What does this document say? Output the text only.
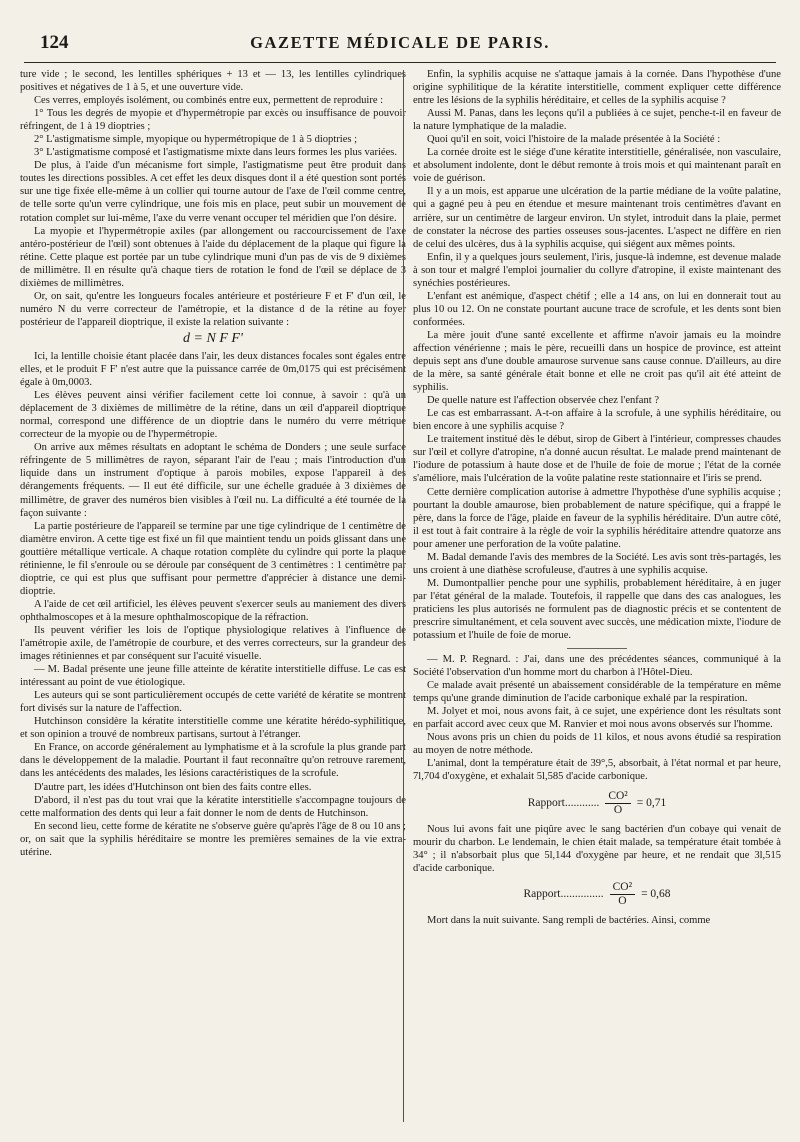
124	GAZETTE MÉDICALE DE PARIS.

ture vide ; le second, les lentilles sphériques + 13 et — 13, les lentilles cylindriques positives et négatives de 1 à 5, et une ouverture vide.

Ces verres, employés isolément, ou combinés entre eux, permettent de reproduire :

1° Tous les degrés de myopie et d'hypermétropie par excès ou insuffisance de pouvoir réfringent, de 1 à 19 dioptries ;

2° L'astigmatisme simple, myopique ou hypermétropique de 1 à 5 dioptries ;

3° L'astigmatisme composé et l'astigmatisme mixte dans leurs formes les plus variées.

De plus, à l'aide d'un mécanisme fort simple, l'astigmatisme peut être produit dans toutes les directions possibles. A cet effet les deux disques dont il a été question sont portés sur une tige fixée elle-même à un collier qui tourne autour de l'axe de l'œil comme centre, de telle sorte qu'un verre cylindrique, une fois mis en place, peut subir un mouvement de rotation complet sur lui-même, l'axe du verre venant occuper tel méridien que l'on désire.

La myopie et l'hypermétropie axiles (par allongement ou raccourcissement de l'axe antéro-postérieur de l'œil) sont obtenues à l'aide du déplacement de la plaque qui figure la rétine. Cette plaque est portée par un tube cylindrique muni d'un pas de vis de 9 dixièmes de millimètre. Il en résulte qu'à chaque tiers de rotation le fond de l'œil se déplace de 3 dixièmes de millimètres.

Or, on sait, qu'entre les longueurs focales antérieure et postérieure F et F' d'un œil, le numéro N du verre correcteur de l'amétropie, et la distance d de la rétine au foyer postérieur de l'appareil dioptrique, il existe la relation suivante :

d = N F F'

Ici, la lentille choisie étant placée dans l'air, les deux distances focales sont égales entre elles, et le produit F F' n'est autre que la puissance carrée de 0m,0175 qui est précisément égale à 0m,0003.

Les élèves peuvent ainsi vérifier facilement cette loi connue, à savoir : qu'à un déplacement de 3 dixièmes de millimètre de la rétine, dans un œil d'appareil dioptrique normal, correspond une différence de un dioptrie dans le numéro du verre métrique correcteur de la myopie ou de l'hypermétropie.

On arrive aux mêmes résultats en adoptant le schéma de Donders ; une seule surface réfringente de 5 millimètres de rayon, séparant l'air de l'eau ; mais l'introduction d'un liquide dans un instrument d'optique à parois mobiles, expose l'appareil à des dérangements fréquents. — Il eut été difficile, sur une échelle graduée à 3 dixièmes de millimètre, de graver des numéros bien visibles à l'œil nu. La difficulté a été tournée de la façon suivante :

La partie postérieure de l'appareil se termine par une tige cylindrique de 1 centimètre de diamètre environ. A cette tige est fixé un fil que maintient tendu un poids glissant dans une gouttière métallique verticale. A chaque rotation complète du cylindre qui porte la plaque rétinienne, le fil s'enroule ou se déroule par conséquent de 3 centimètres : 1 centimètre par dioptrie, ce qui est plus que suffisant pour permettre d'apprécier à distance une demi-dioptrie.

A l'aide de cet œil artificiel, les élèves peuvent s'exercer seuls au maniement des divers ophthalmoscopes et à la mesure ophthalmoscopique de la réfraction.

Ils peuvent vérifier les lois de l'optique physiologique relatives à l'influence de l'amétropie axile, de l'amétropie de courbure, et des verres correcteurs, sur la grandeur des images rétiniennes et par conséquent sur l'acuité visuelle.

— M. Badal présente une jeune fille atteinte de kératite interstitielle diffuse. Le cas est intéressant au point de vue étiologique.

Les auteurs qui se sont particulièrement occupés de cette variété de kératite se montrent fort divisés sur la nature de l'affection.

Hutchinson considère la kératite interstitielle comme une kératite hérédo-syphilitique, et son opinion a trouvé de nombreux partisans, surtout à l'étranger.

En France, on accorde généralement au lymphatisme et à la scrofule la plus grande part dans le développement de la maladie. Pourtant il faut reconnaître qu'on retrouve rarement, dans les antécédents des malades, les lésions caractéristiques de la scrofule.

D'autre part, les idées d'Hutchinson ont bien des faits contre elles.

D'abord, il n'est pas du tout vrai que la kératite interstitielle s'accompagne toujours de cette malformation des dents qui leur a fait donner le nom de dents de Hutchinson.

En second lieu, cette forme de kératite ne s'observe guère qu'après l'âge de 8 ou 10 ans ; or, on sait que la syphilis héréditaire se montre les premières semaines de la vie extra-utérine.

Enfin, la syphilis acquise ne s'attaque jamais à la cornée. Dans l'hypothèse d'une origine syphilitique de la kératite interstitielle, comment expliquer cette différence entre les lésions de la syphilis héréditaire, et celles de la syphilis acquise ?

Aussi M. Panas, dans les leçons qu'il a publiées à ce sujet, penche-t-il en faveur de la nature lymphatique de la maladie.

Quoi qu'il en soit, voici l'histoire de la malade présentée à la Société :

La cornée droite est le siége d'une kératite interstitielle, généralisée, non vasculaire, et absolument indolente, dont le début remonte à trois mois et qui maintenant paraît en voie de guérison.

Il y a un mois, est apparue une ulcération de la partie médiane de la voûte palatine, qui a gagné peu à peu en étendue et mesure maintenant trois centimètres d'avant en arrière, sur un centimètre de largeur environ. Un stylet, introduit dans la plaie, permet de constater la nécrose des parties osseuses sous-jacentes. L'aspect ne diffère en rien de celui des ulcères, dus à la syphilis acquise, qui siégent aux mêmes points.

Enfin, il y a quelques jours seulement, l'iris, jusque-là indemne, est devenue malade à son tour et malgré l'emploi journalier du collyre d'atropine, il existe maintenant des synéchies postérieures.

L'enfant est anémique, d'aspect chétif ; elle a 14 ans, on lui en donnerait tout au plus 10 ou 12. On ne constate pourtant aucune trace de scrofule, et les dents sont bien conformées.

La mère jouit d'une santé excellente et affirme n'avoir jamais eu la moindre affection vénérienne ; mais le père, recueilli dans un hospice de province, est atteint depuis sept ans d'une double amaurose survenue sans cause connue. D'ailleurs, au dire de la mère, sa santé générale était bonne et elle ne croit pas qu'il ait été atteint de syphilis.

De quelle nature est l'affection observée chez l'enfant ?

Le cas est embarrassant. A-t-on affaire à la scrofule, à une syphilis héréditaire, ou bien encore à une syphilis acquise ?

Le traitement institué dès le début, sirop de Gibert à l'intérieur, compresses chaudes sur l'œil et collyre d'atropine, n'a donné aucun résultat. Le malade prend maintenant de l'iodure de potassium à haute dose et de l'huile de foie de morue ; l'état de la cornée s'améliore, mais l'ulcération de la voûte palatine reste stationnaire et l'iris se prend.

Cette dernière complication autorise à admettre l'hypothèse d'une syphilis acquise ; pourtant la double amaurose, bien probablement de nature spécifique, qui a frappé le père, dans la force de l'âge, plaide en faveur de la syphilis héréditaire. D'un autre côté, il est tout à fait contraire à la règle de voir la syphilis héréditaire attendre quatorze ans pour amener une perforation de la voûte palatine.

M. Badal demande l'avis des membres de la Société. Les avis sont très-partagés, les uns croient à une diathèse scrofuleuse, d'autres à une syphilis acquise.

M. Dumontpallier penche pour une syphilis, probablement héréditaire, à en juger par l'état général de la malade. Toutefois, il rappelle que dans des cas analogues, les praticiens les plus autorisés ne formulent pas de diagnostic précis et se contentent de prescrire simultanément, et cela souvent avec succès, une médication mixte, l'iodure de potassium et l'huile de foie de morue.

— M. P. Regnard. : J'ai, dans une des précédentes séances, communiqué à la Société l'observation d'un homme mort du charbon à l'Hôtel-Dieu.

Ce malade avait présenté un abaissement considérable de la température en même temps qu'une grande diminution de l'acide carbonique exhalé par la respiration.

M. Jolyet et moi, nous avons fait, à ce sujet, une expérience dont les résultats sont en parfait accord avec ceux que M. Ranvier et moi nous avons observés sur l'homme.

Nous avons pris un chien du poids de 11 kilos, et nous avons étudié sa respiration au moyen de notre méthode.

L'animal, dont la température était de 39°,5, absorbait, à l'état normal et par heure, 7l,704 d'oxygène, et exhalait 5l,585 d'acide carbonique.

Rapport ............ $\frac{\text{CO²}}{O} = 0,71$

Nous lui avons fait une piqûre avec le sang bactérien d'un cobaye qui venait de mourir du charbon. Le lendemain, le chien était malade, sa température était tombée à 34° ; il n'absorbait plus que 5l,144 d'oxygène par heure, et ne rendait que 3l,515 d'acide carbonique.

Rapport ............... $\frac{\text{CO²}}{O} = 0,68$

Mort dans la nuit suivante. Sang rempli de bactéries. Ainsi, comme
